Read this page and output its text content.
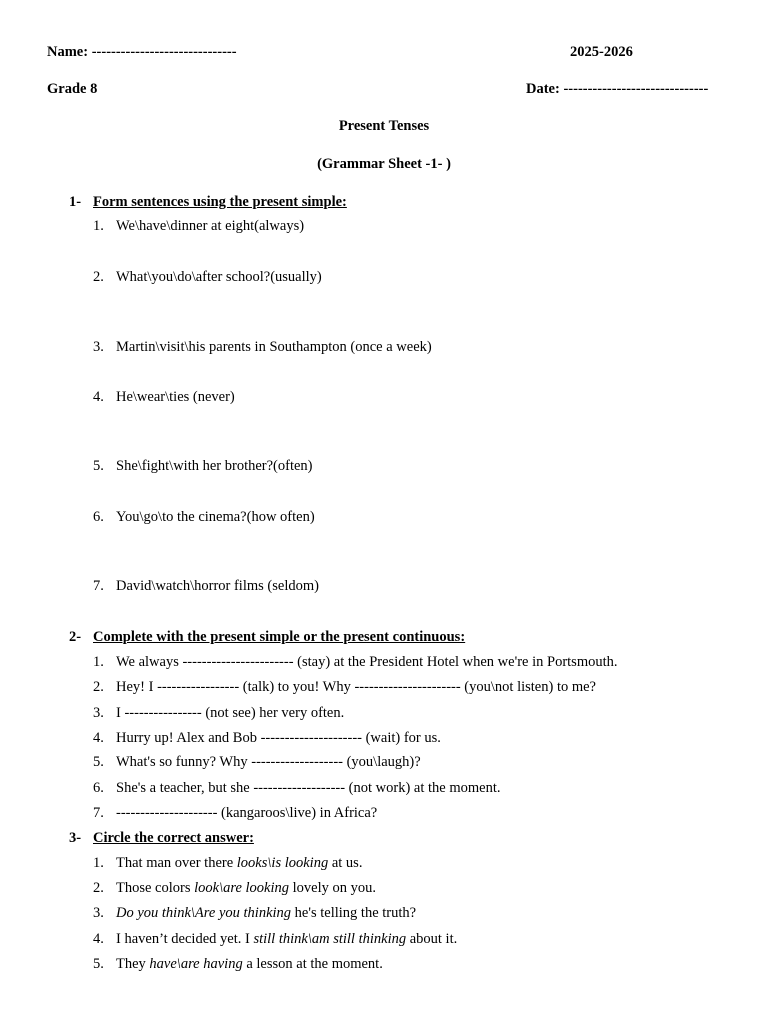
Name: ------------------------------	2025-2026
Grade 8	Date: ------------------------------
Present Tenses
(Grammar Sheet -1- )
1- Form sentences using the present simple:
1. We\have\dinner at eight(always)
2. What\you\do\after school?(usually)
3. Martin\visit\his parents in Southampton (once a week)
4. He\wear\ties (never)
5. She\fight\with her brother?(often)
6. You\go\to the cinema?(how often)
7. David\watch\horror films (seldom)
2- Complete with the present simple or the present continuous:
1. We always ----------------------- (stay) at the President Hotel when we're in Portsmouth.
2. Hey! I ----------------- (talk) to you! Why ---------------------- (you\not listen) to me?
3. I ---------------- (not see) her very often.
4. Hurry up! Alex and Bob --------------------- (wait) for us.
5. What's so funny? Why ------------------- (you\laugh)?
6. She's a teacher, but she ------------------- (not work) at the moment.
7. --------------------- (kangaroos\live) in Africa?
3- Circle the correct answer:
1. That man over there looks\is looking at us.
2. Those colors look\are looking lovely on you.
3. Do you think\Are you thinking he's telling the truth?
4. I haven’t decided yet. I still think\am still thinking about it.
5. They have\are having a lesson at the moment.
